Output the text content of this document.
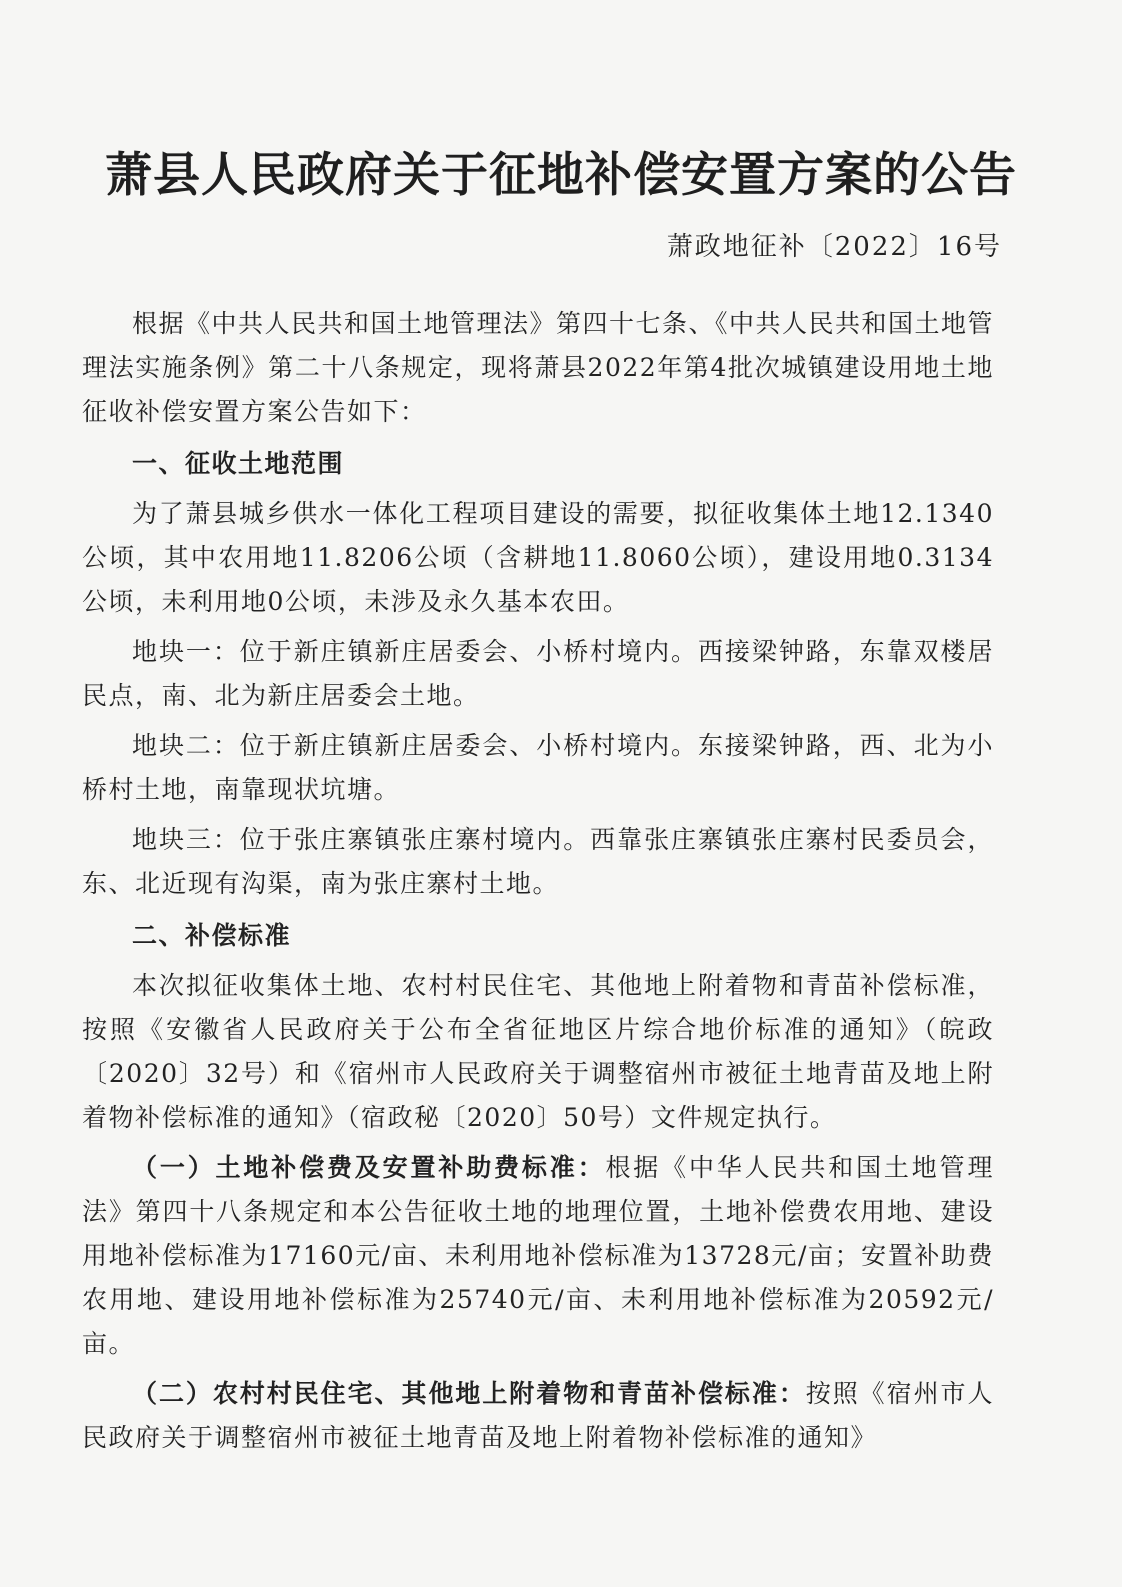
萧县人民政府关于征地补偿安置方案的公告
萧政地征补〔2022〕16号

根据《中共人民共和国土地管理法》第四十七条、《中共人民共和国土地管理法实施条例》第二十八条规定，现将萧县2022年第4批次城镇建设用地土地征收补偿安置方案公告如下：

一、征收土地范围

为了萧县城乡供水一体化工程项目建设的需要，拟征收集体土地12.1340公顷，其中农用地11.8206公顷（含耕地11.8060公顷），建设用地0.3134公顷，未利用地0公顷，未涉及永久基本农田。

地块一：位于新庄镇新庄居委会、小桥村境内。西接梁钟路，东靠双楼居民点，南、北为新庄居委会土地。

地块二：位于新庄镇新庄居委会、小桥村境内。东接梁钟路，西、北为小桥村土地，南靠现状坑塘。

地块三：位于张庄寨镇张庄寨村境内。西靠张庄寨镇张庄寨村民委员会，东、北近现有沟渠，南为张庄寨村土地。

二、补偿标准

本次拟征收集体土地、农村村民住宅、其他地上附着物和青苗补偿标准，按照《安徽省人民政府关于公布全省征地区片综合地价标准的通知》（皖政〔2020〕32号）和《宿州市人民政府关于调整宿州市被征土地青苗及地上附着物补偿标准的通知》（宿政秘〔2020〕50号）文件规定执行。

（一）土地补偿费及安置补助费标准：根据《中华人民共和国土地管理法》第四十八条规定和本公告征收土地的地理位置，土地补偿费农用地、建设用地补偿标准为17160元/亩、未利用地补偿标准为13728元/亩；安置补助费农用地、建设用地补偿标准为25740元/亩、未利用地补偿标准为20592元/亩。

（二）农村村民住宅、其他地上附着物和青苗补偿标准：按照《宿州市人民政府关于调整宿州市被征土地青苗及地上附着物补偿标准的通知》
